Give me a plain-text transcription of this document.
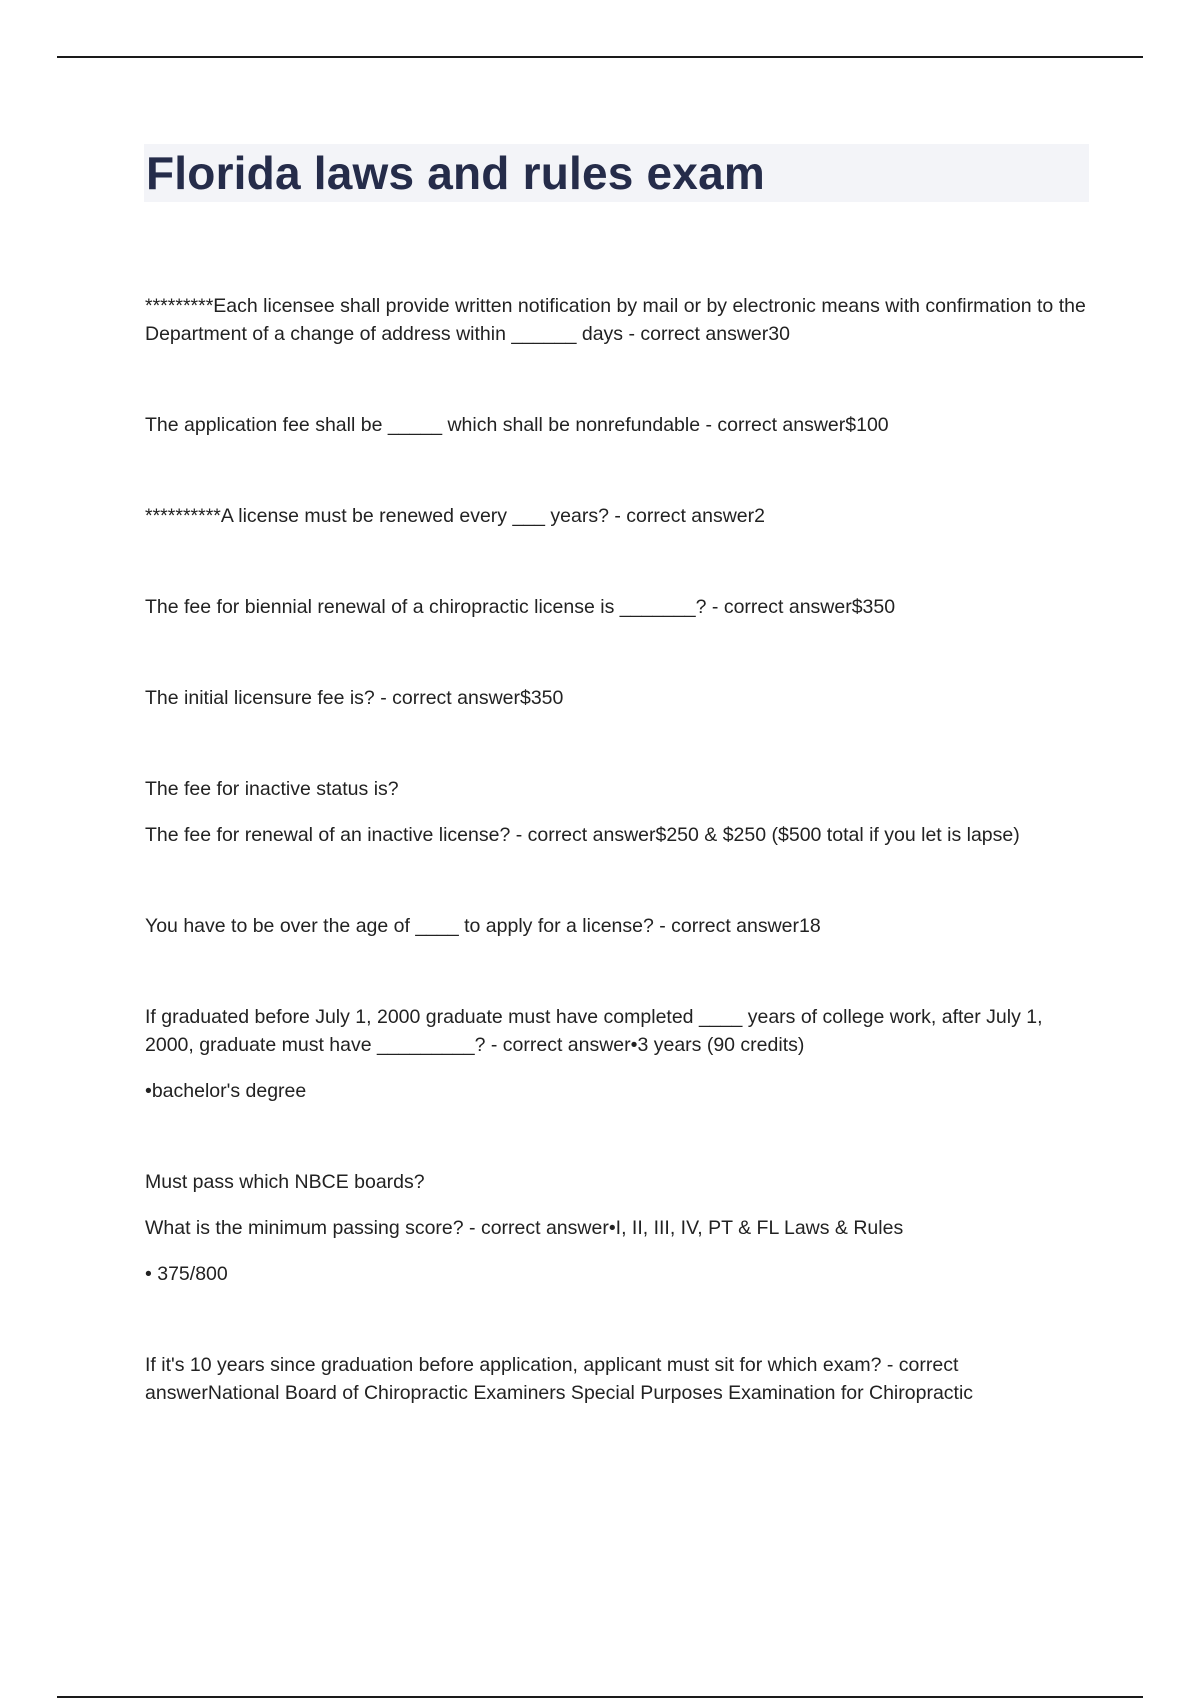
Florida laws and rules exam

*********Each licensee shall provide written notification by mail or by electronic means with confirmation to the Department of a change of address within ______ days - correct answer30

The application fee shall be _____ which shall be nonrefundable - correct answer$100

**********A license must be renewed every ___ years? - correct answer2

The fee for biennial renewal of a chiropractic license is _______? - correct answer$350

The initial licensure fee is? - correct answer$350

The fee for inactive status is?

The fee for renewal of an inactive license? - correct answer$250 & $250 ($500 total if you let is lapse)

You have to be over the age of ____ to apply for a license? - correct answer18

If graduated before July 1, 2000 graduate must have completed ____ years of college work, after July 1, 2000, graduate must have _________? - correct answer•3 years (90 credits)

•bachelor's degree

Must pass which NBCE boards?

What is the minimum passing score? - correct answer•I, II, III, IV, PT & FL Laws & Rules

• 375/800

If it's 10 years since graduation before application, applicant must sit for which exam? - correct answerNational Board of Chiropractic Examiners Special Purposes Examination for Chiropractic
